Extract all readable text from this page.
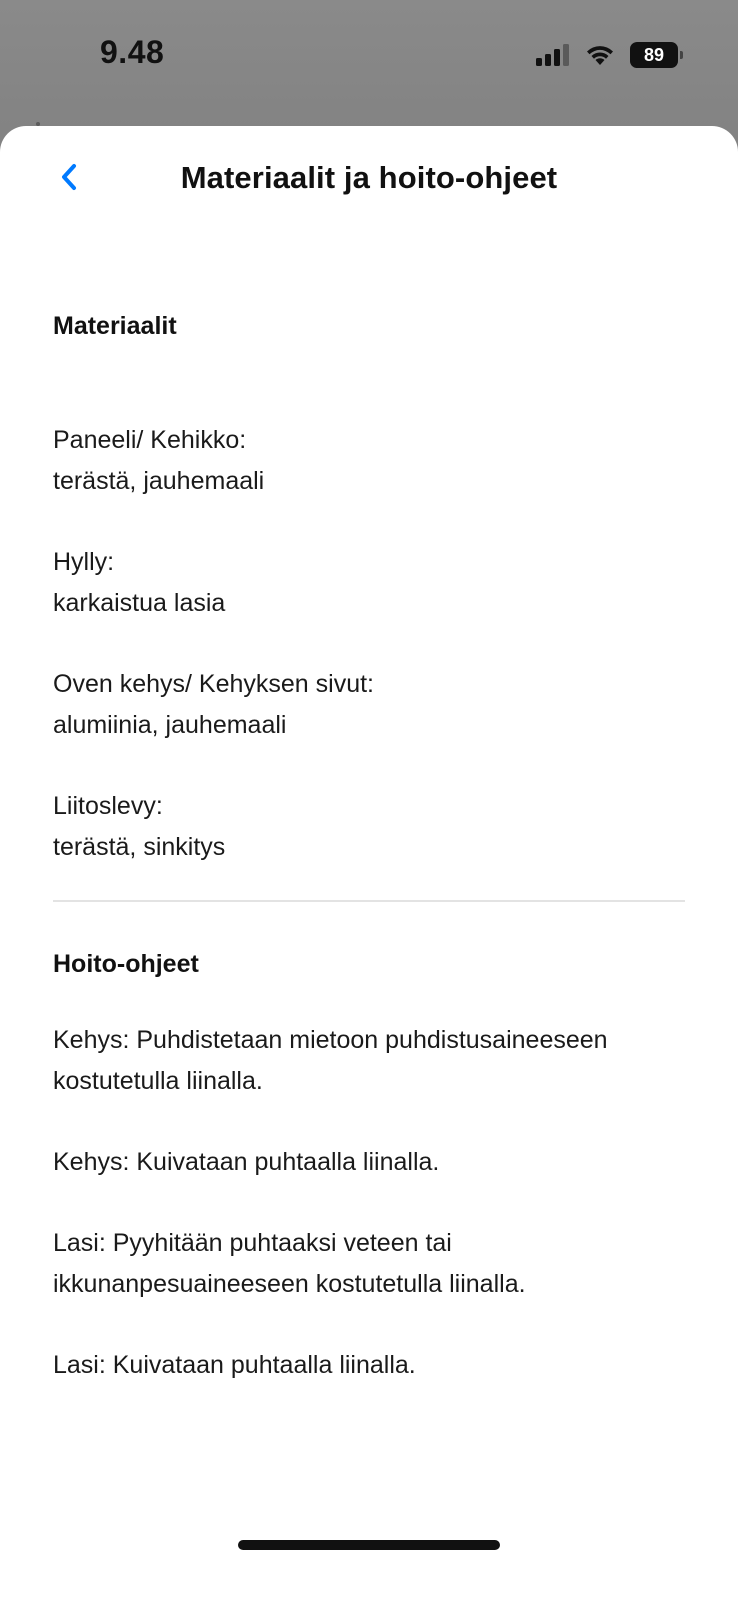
9.48	89
Materiaalit ja hoito-ohjeet
Materiaalit

Paneeli/ Kehikko:

terästä, jauhemaali

Hylly:

karkaistua lasia

Oven kehys/ Kehyksen sivut:

alumiinia, jauhemaali

Liitoslevy:

terästä, sinkitys

Hoito-ohjeet

Kehys: Puhdistetaan mietoon puhdistusaineeseen kostutetulla liinalla.

Kehys: Kuivataan puhtaalla liinalla.

Lasi: Pyyhitään puhtaaksi veteen tai ikkunanpesuaineeseen kostutetulla liinalla.

Lasi: Kuivataan puhtaalla liinalla.
